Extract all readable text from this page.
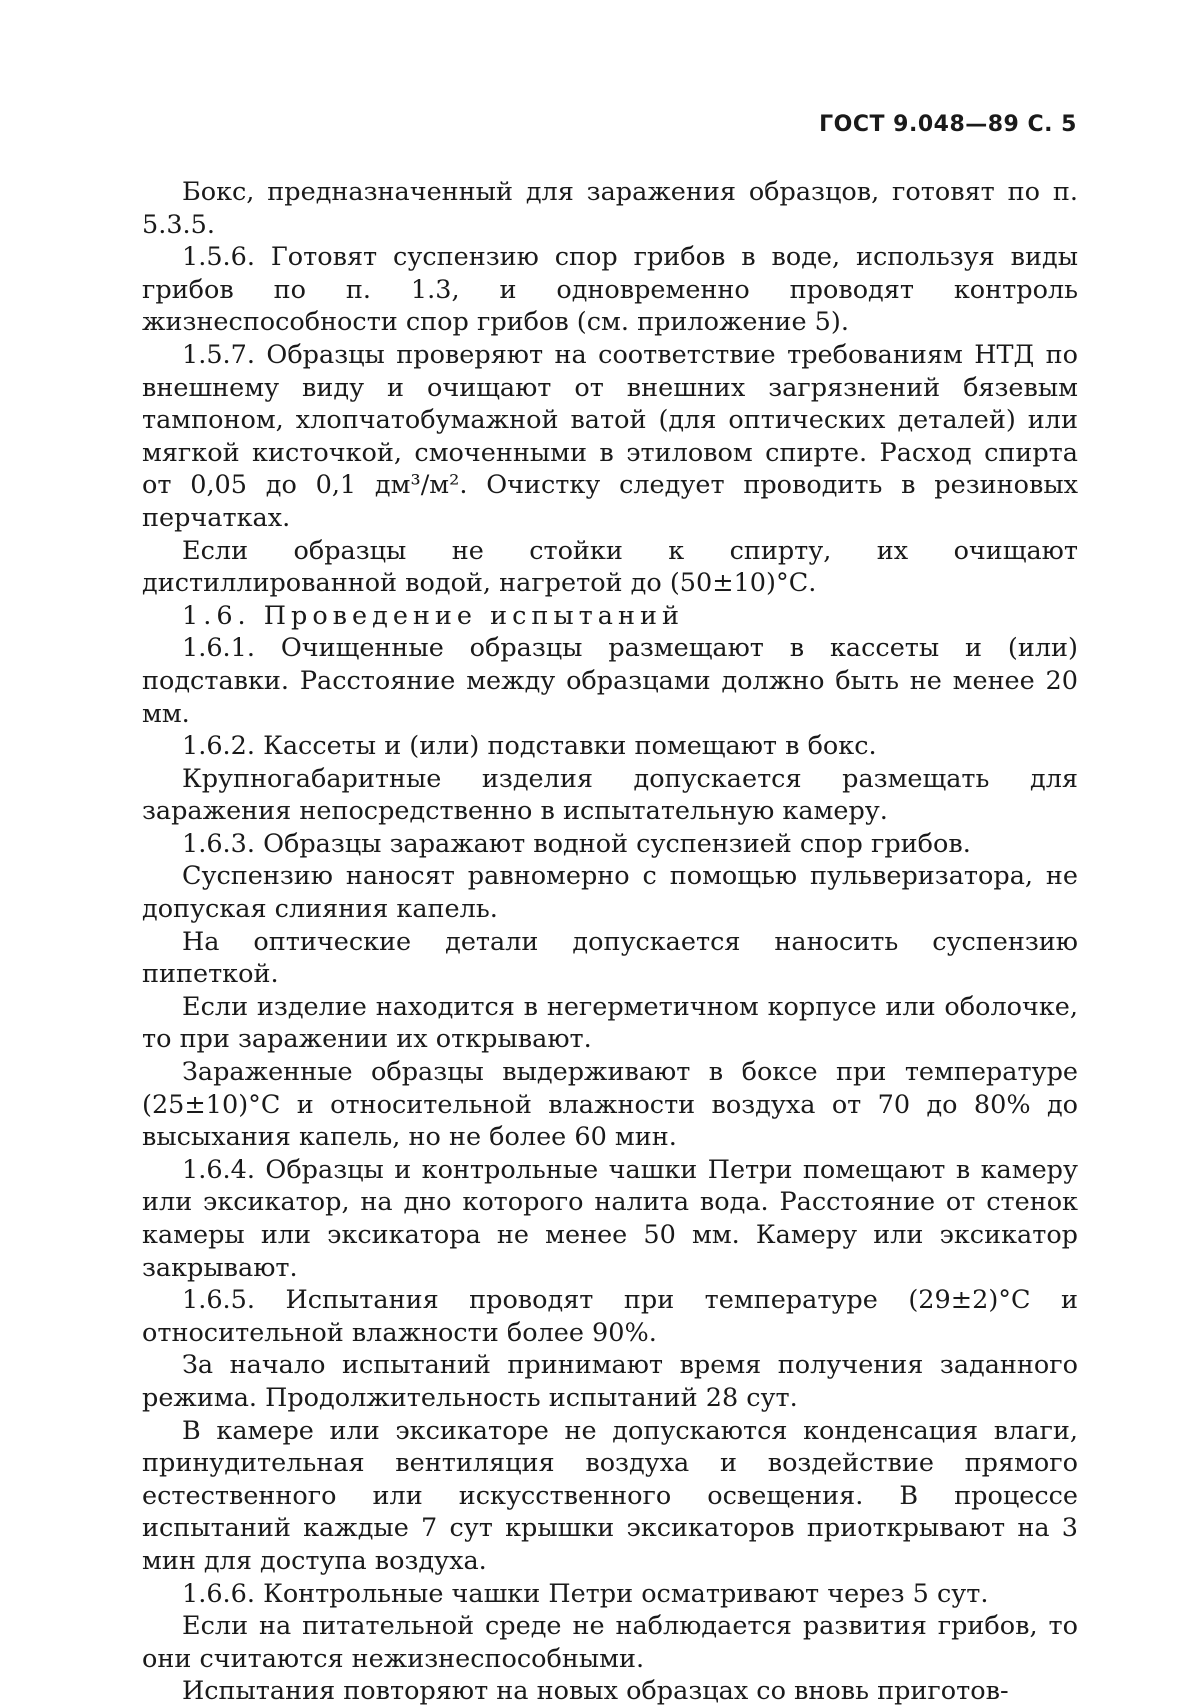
ГОСТ 9.048—89 С. 5

Бокс, предназначенный для заражения образцов, готовят по п. 5.3.5.

1.5.6. Готовят суспензию спор грибов в воде, используя виды грибов по п. 1.3, и одновременно проводят контроль жизнеспособности спор грибов (см. приложение 5).

1.5.7. Образцы проверяют на соответствие требованиям НТД по внешнему виду и очищают от внешних загрязнений бязевым тампоном, хлопчатобумажной ватой (для оптических деталей) или мягкой кисточкой, смоченными в этиловом спирте. Расход спирта от 0,05 до 0,1 дм³/м². Очистку следует проводить в резиновых перчатках.

Если образцы не стойки к спирту, их очищают дистиллированной водой, нагретой до (50±10)°С.

1.6. Проведение испытаний

1.6.1. Очищенные образцы размещают в кассеты и (или) подставки. Расстояние между образцами должно быть не менее 20 мм.

1.6.2. Кассеты и (или) подставки помещают в бокс.

Крупногабаритные изделия допускается размещать для заражения непосредственно в испытательную камеру.

1.6.3. Образцы заражают водной суспензией спор грибов.

Суспензию наносят равномерно с помощью пульверизатора, не допуская слияния капель.

На оптические детали допускается наносить суспензию пипеткой.

Если изделие находится в негерметичном корпусе или оболочке, то при заражении их открывают.

Зараженные образцы выдерживают в боксе при температуре (25±10)°С и относительной влажности воздуха от 70 до 80% до высыхания капель, но не более 60 мин.

1.6.4. Образцы и контрольные чашки Петри помещают в камеру или эксикатор, на дно которого налита вода. Расстояние от стенок камеры или эксикатора не менее 50 мм. Камеру или эксикатор закрывают.

1.6.5. Испытания проводят при температуре (29±2)°С и относительной влажности более 90%.

За начало испытаний принимают время получения заданного режима. Продолжительность испытаний 28 сут.

В камере или эксикаторе не допускаются конденсация влаги, принудительная вентиляция воздуха и воздействие прямого естественного или искусственного освещения. В процессе испытаний каждые 7 сут крышки эксикаторов приоткрывают на 3 мин для доступа воздуха.

1.6.6. Контрольные чашки Петри осматривают через 5 сут.

Если на питательной среде не наблюдается развития грибов, то они считаются нежизнеспособными.

Испытания повторяют на новых образцах со вновь приготов-
